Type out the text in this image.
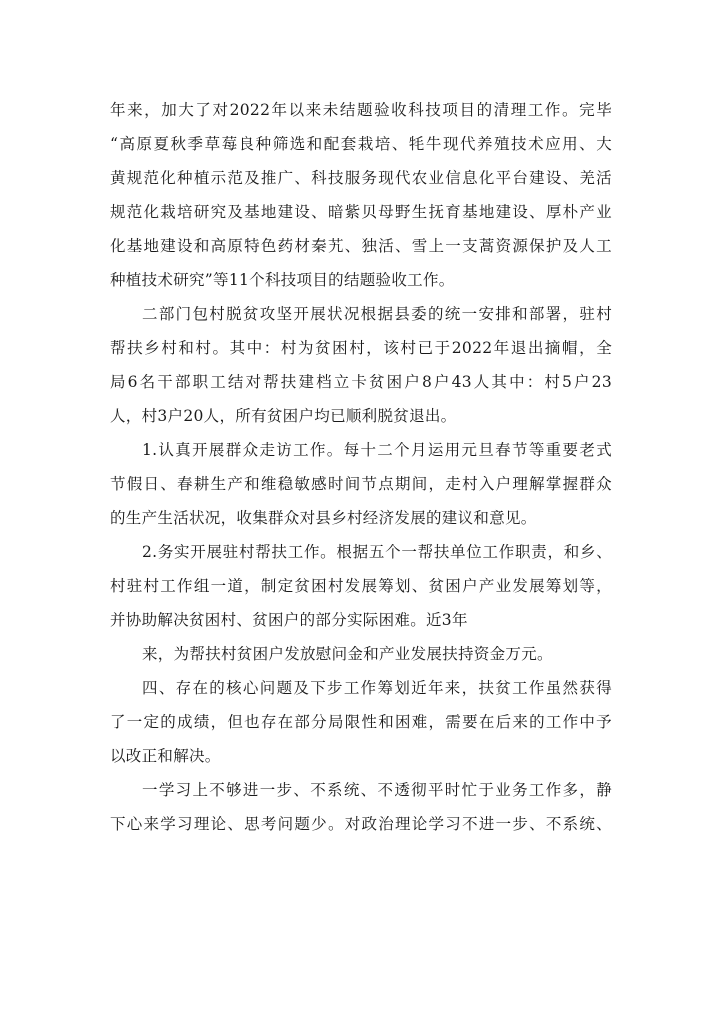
年来，加大了对2022年以来未结题验收科技项目的清理工作。完毕
“高原夏秋季草莓良种筛选和配套栽培、牦牛现代养殖技术应用、大
黄规范化种植示范及推广、科技服务现代农业信息化平台建设、羌活
规范化栽培研究及基地建设、暗紫贝母野生抚育基地建设、厚朴产业
化基地建设和高原特色药材秦艽、独活、雪上一支蒿资源保护及人工
种植技术研究”等11个科技项目的结题验收工作。
二部门包村脱贫攻坚开展状况根据县委的统一安排和部署，驻村
帮扶乡村和村。其中：村为贫困村，该村已于2022年退出摘帽，全
局6名干部职工结对帮扶建档立卡贫困户8户43人其中：村5户23
人，村3户20人，所有贫困户均已顺利脱贫退出。
1.认真开展群众走访工作。每十二个月运用元旦春节等重要老式
节假日、春耕生产和维稳敏感时间节点期间，走村入户理解掌握群众
的生产生活状况，收集群众对县乡村经济发展的建议和意见。
2.务实开展驻村帮扶工作。根据五个一帮扶单位工作职责，和乡、
村驻村工作组一道，制定贫困村发展筹划、贫困户产业发展筹划等，
并协助解决贫困村、贫困户的部分实际困难。近3年
来，为帮扶村贫困户发放慰问金和产业发展扶持资金万元。
四、存在的核心问题及下步工作筹划近年来，扶贫工作虽然获得
了一定的成绩，但也存在部分局限性和困难，需要在后来的工作中予
以改正和解决。
一学习上不够进一步、不系统、不透彻平时忙于业务工作多，静
下心来学习理论、思考问题少。对政治理论学习不进一步、不系统、
